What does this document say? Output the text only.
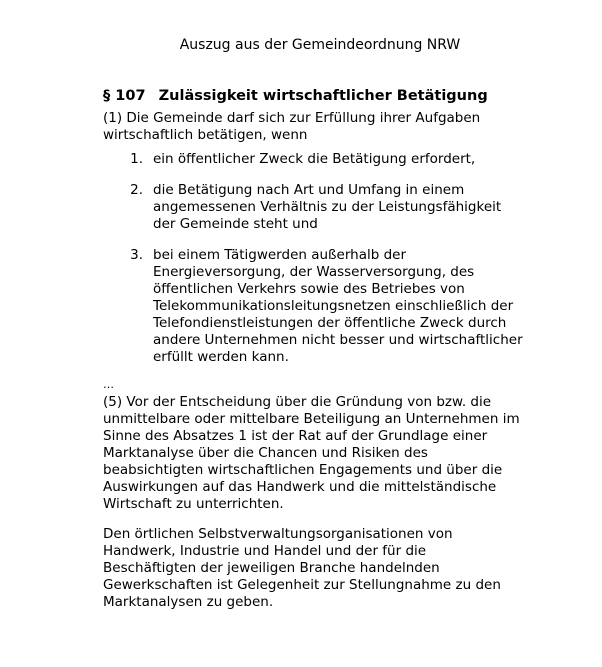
Auszug aus der Gemeindeordnung NRW
§ 107 Zulässigkeit wirtschaftlicher Betätigung

(1) Die Gemeinde darf sich zur Erfüllung ihrer Aufgaben wirtschaftlich betätigen, wenn

1. ein öffentlicher Zweck die Betätigung erfordert,
2. die Betätigung nach Art und Umfang in einem angemessenen Verhältnis zu der Leistungsfähigkeit der Gemeinde steht und
3. bei einem Tätigwerden außerhalb der Energieversorgung, der Wasserversorgung, des öffentlichen Verkehrs sowie des Betriebes von Telekommunikationsleitungsnetzen einschließlich der Telefondienstleistungen der öffentliche Zweck durch andere Unternehmen nicht besser und wirtschaftlicher erfüllt werden kann.
…

(5) Vor der Entscheidung über die Gründung von bzw. die unmittelbare oder mittelbare Beteiligung an Unternehmen im Sinne des Absatzes 1 ist der Rat auf der Grundlage einer Marktanalyse über die Chancen und Risiken des beabsichtigten wirtschaftlichen Engagements und über die Auswirkungen auf das Handwerk und die mittelständische Wirtschaft zu unterrichten.

Den örtlichen Selbstverwaltungsorganisationen von Handwerk, Industrie und Handel und der für die Beschäftigten der jeweiligen Branche handelnden Gewerkschaften ist Gelegenheit zur Stellungnahme zu den Marktanalysen zu geben.
